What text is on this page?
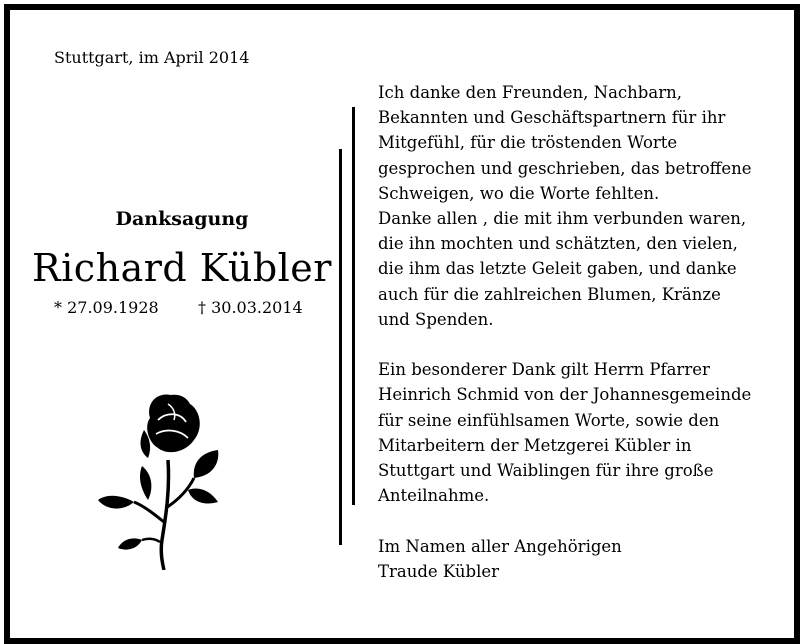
Stuttgart, im April 2014

Danksagung

Richard Kübler

* 27.09.1928 † 30.03.2014

Ich danke den Freunden, Nachbarn,

Bekannten und Geschäftspartnern für ihr

Mitgefühl, für die tröstenden Worte

gesprochen und geschrieben, das betroffene

Schweigen, wo die Worte fehlten.

Danke allen , die mit ihm verbunden waren,

die ihn mochten und schätzten, den vielen,

die ihm das letzte Geleit gaben, und danke

auch für die zahlreichen Blumen, Kränze

und Spenden.

Ein besonderer Dank gilt Herrn Pfarrer

Heinrich Schmid von der Johannesgemeinde

für seine einfühlsamen Worte, sowie den

Mitarbeitern der Metzgerei Kübler in

Stuttgart und Waiblingen für ihre große

Anteilnahme.

Im Namen aller Angehörigen

Traude Kübler
